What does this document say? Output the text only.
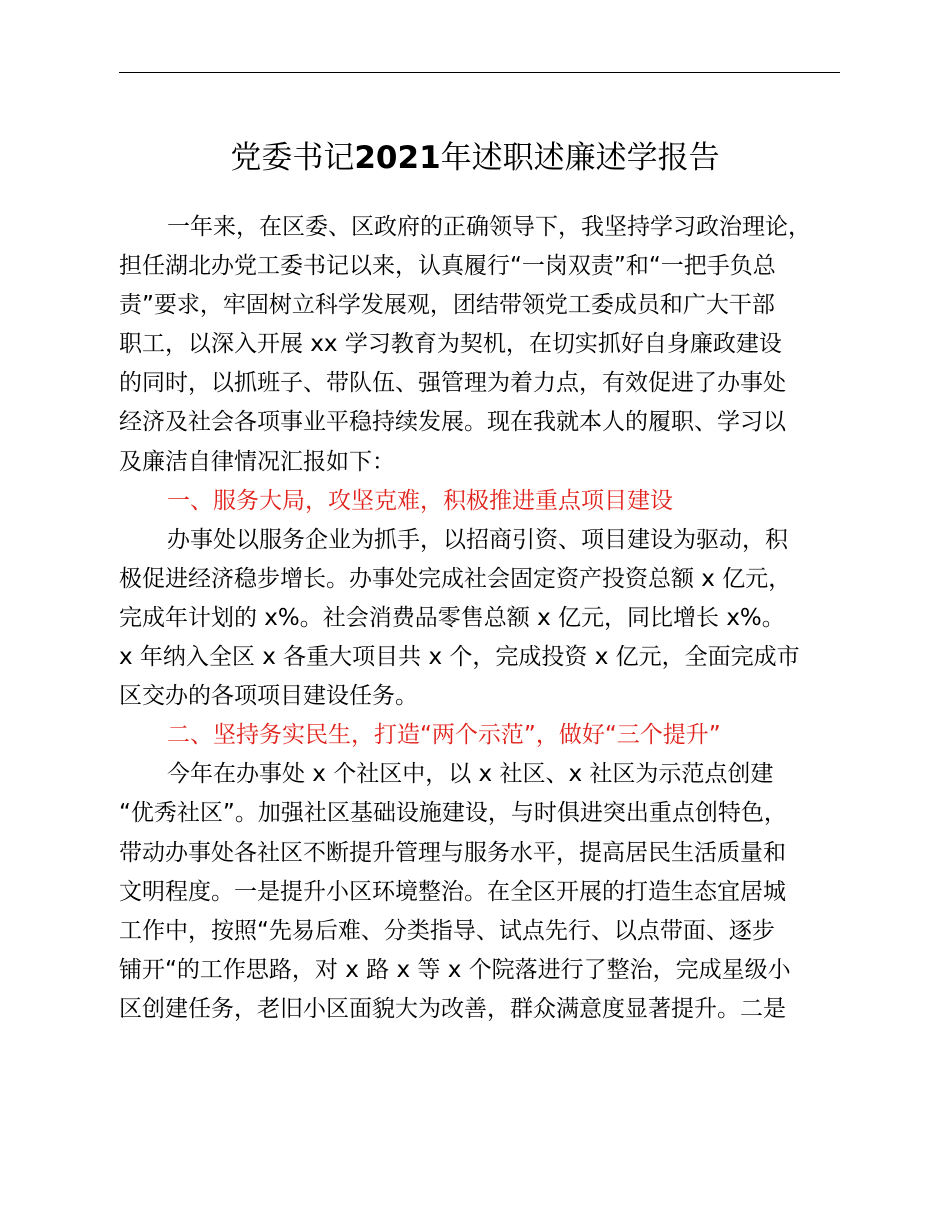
党委书记2021年述职述廉述学报告
一年来，在区委、区政府的正确领导下，我坚持学习政治理论，
担任湖北办党工委书记以来，认真履行“一岗双责”和“一把手负总
责”要求，牢固树立科学发展观，团结带领党工委成员和广大干部
职工，以深入开展 xx 学习教育为契机，在切实抓好自身廉政建设
的同时，以抓班子、带队伍、强管理为着力点，有效促进了办事处
经济及社会各项事业平稳持续发展。现在我就本人的履职、学习以
及廉洁自律情况汇报如下：
一、服务大局，攻坚克难，积极推进重点项目建设
办事处以服务企业为抓手，以招商引资、项目建设为驱动，积
极促进经济稳步增长。办事处完成社会固定资产投资总额 x 亿元，
完成年计划的 x%。社会消费品零售总额 x 亿元，同比增长 x%。
x 年纳入全区 x 各重大项目共 x 个，完成投资 x 亿元，全面完成市
区交办的各项项目建设任务。
二、坚持务实民生，打造“两个示范”，做好“三个提升”
今年在办事处 x 个社区中，以 x 社区、x 社区为示范点创建
“优秀社区”。加强社区基础设施建设，与时俱进突出重点创特色，
带动办事处各社区不断提升管理与服务水平，提高居民生活质量和
文明程度。一是提升小区环境整治。在全区开展的打造生态宜居城
工作中，按照“先易后难、分类指导、试点先行、以点带面、逐步
铺开“的工作思路，对 x 路 x 等 x 个院落进行了整治，完成星级小
区创建任务，老旧小区面貌大为改善，群众满意度显著提升。二是
